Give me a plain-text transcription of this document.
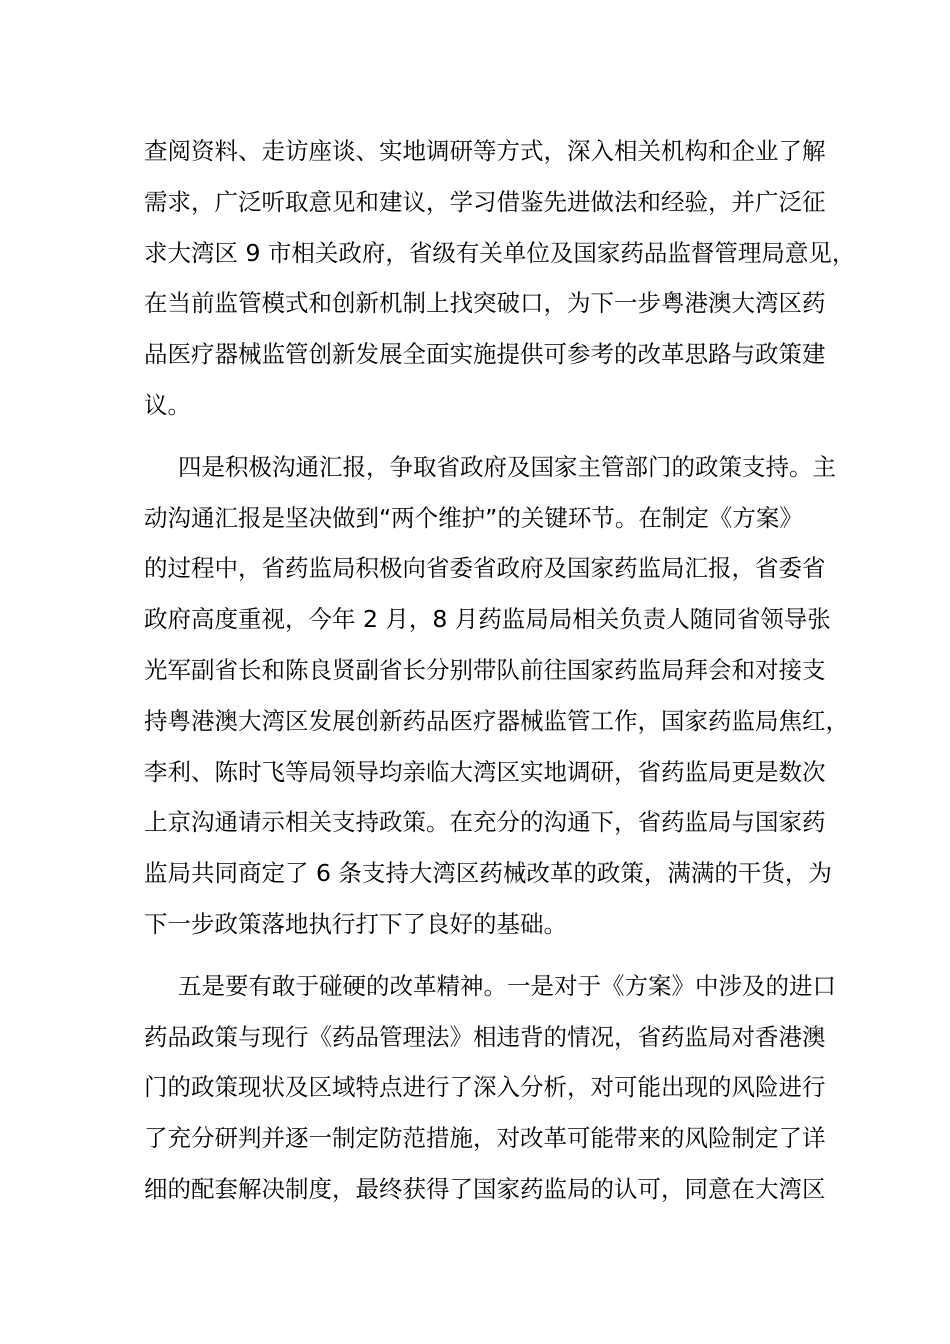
查阅资料、走访座谈、实地调研等方式，深入相关机构和企业了解
需求，广泛听取意见和建议，学习借鉴先进做法和经验，并广泛征
求大湾区 9 市相关政府，省级有关单位及国家药品监督管理局意见，
在当前监管模式和创新机制上找突破口，为下一步粤港澳大湾区药
品医疗器械监管创新发展全面实施提供可参考的改革思路与政策建
议。
四是积极沟通汇报，争取省政府及国家主管部门的政策支持。主
动沟通汇报是坚决做到“两个维护”的关键环节。在制定《方案》
的过程中，省药监局积极向省委省政府及国家药监局汇报，省委省
政府高度重视，今年 2 月，8 月药监局局相关负责人随同省领导张
光军副省长和陈良贤副省长分别带队前往国家药监局拜会和对接支
持粤港澳大湾区发展创新药品医疗器械监管工作，国家药监局焦红，
李利、陈时飞等局领导均亲临大湾区实地调研，省药监局更是数次
上京沟通请示相关支持政策。在充分的沟通下，省药监局与国家药
监局共同商定了 6 条支持大湾区药械改革的政策，满满的干货，为
下一步政策落地执行打下了良好的基础。
五是要有敢于碰硬的改革精神。一是对于《方案》中涉及的进口
药品政策与现行《药品管理法》相违背的情况，省药监局对香港澳
门的政策现状及区域特点进行了深入分析，对可能出现的风险进行
了充分研判并逐一制定防范措施，对改革可能带来的风险制定了详
细的配套解决制度，最终获得了国家药监局的认可，同意在大湾区
